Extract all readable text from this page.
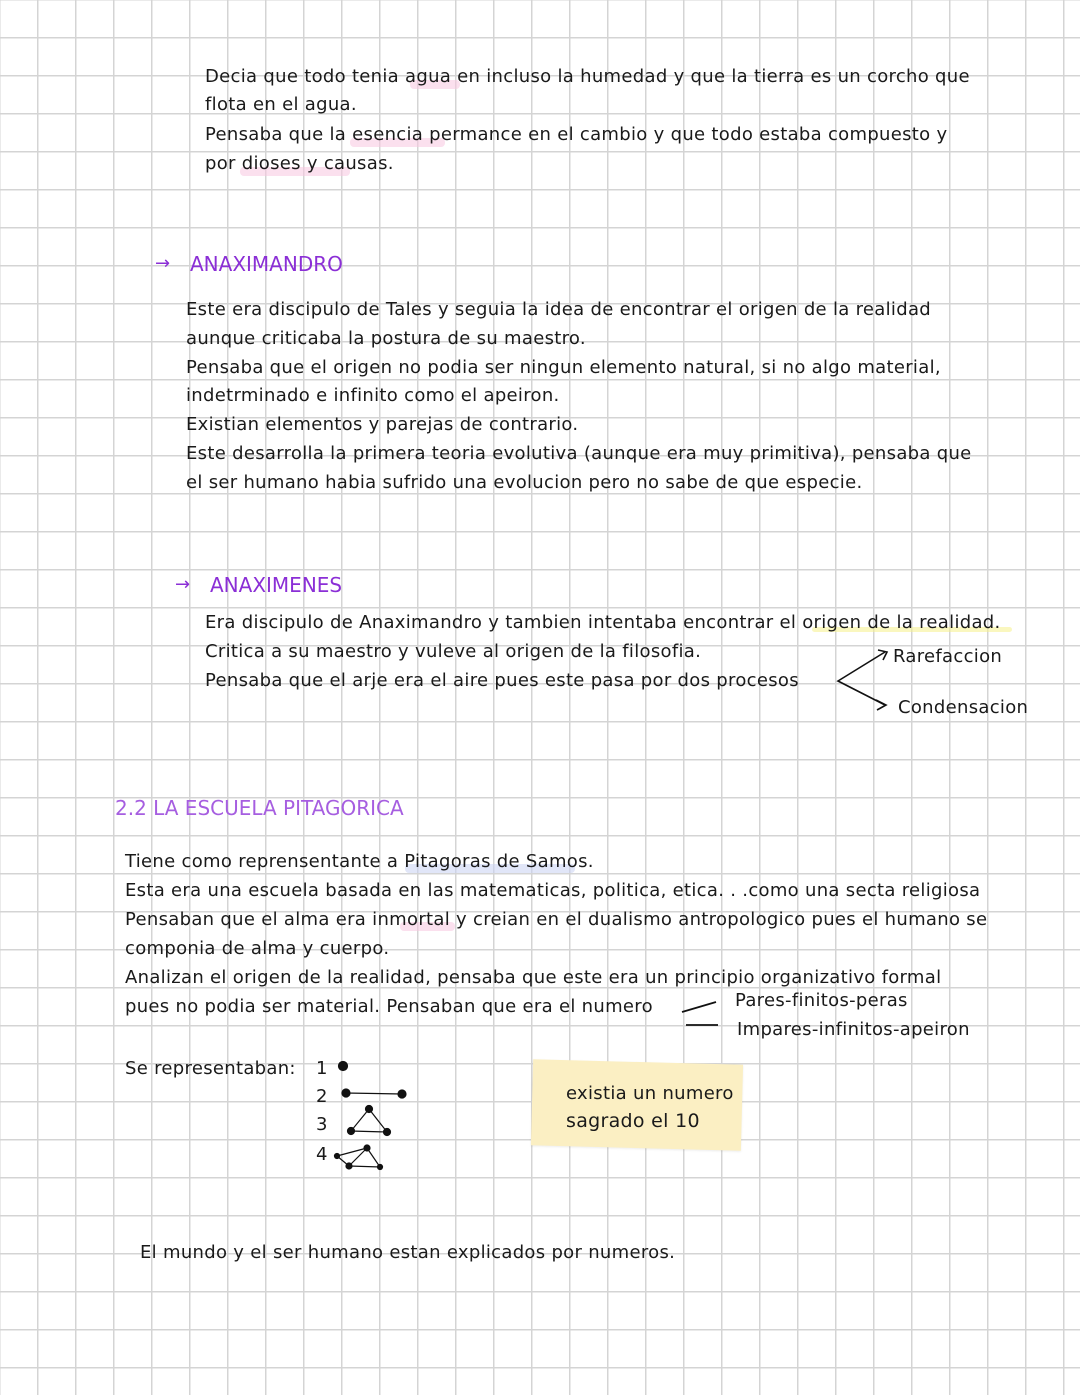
Decia que todo tenia agua en incluso la humedad y que la tierra es un corcho que
flota en el agua.
Pensaba que la esencia permance en el cambio y que todo estaba compuesto y
por dioses y causas.
→ ANAXIMANDRO
Este era discipulo de Tales y seguia la idea de encontrar el origen de la realidad
aunque criticaba la postura de su maestro.
Pensaba que el origen no podia ser ningun elemento natural, si no algo material,
indetrminado e infinito como el apeiron.
Existian elementos y parejas de contrario.
Este desarrolla la primera teoria evolutiva (aunque era muy primitiva), pensaba que
el ser humano habia sufrido una evolucion pero no sabe de que especie.
→ ANAXIMENES
Era discipulo de Anaximandro y tambien intentaba encontrar el origen de la realidad.
Critica a su maestro y vuleve al origen de la filosofia.
Pensaba que el arje era el aire pues este pasa por dos procesos
Rarefaccion
Condensacion
2.2 LA ESCUELA PITAGORICA
Tiene como reprensentante a Pitagoras de Samos.
Esta era una escuela basada en las matematicas, politica, etica. . .como una secta religiosa
Pensaban que el alma era inmortal y creian en el dualismo antropologico pues el humano se
componia de alma y cuerpo.
Analizan el origen de la realidad, pensaba que este era un principio organizativo formal
pues no podia ser material. Pensaban que era el numero	Pares-finitos-peras
Impares-infinitos-apeiron
Se representaban: 1
2
3
4
existia un numero
sagrado el 10
El mundo y el ser humano estan explicados por numeros.
